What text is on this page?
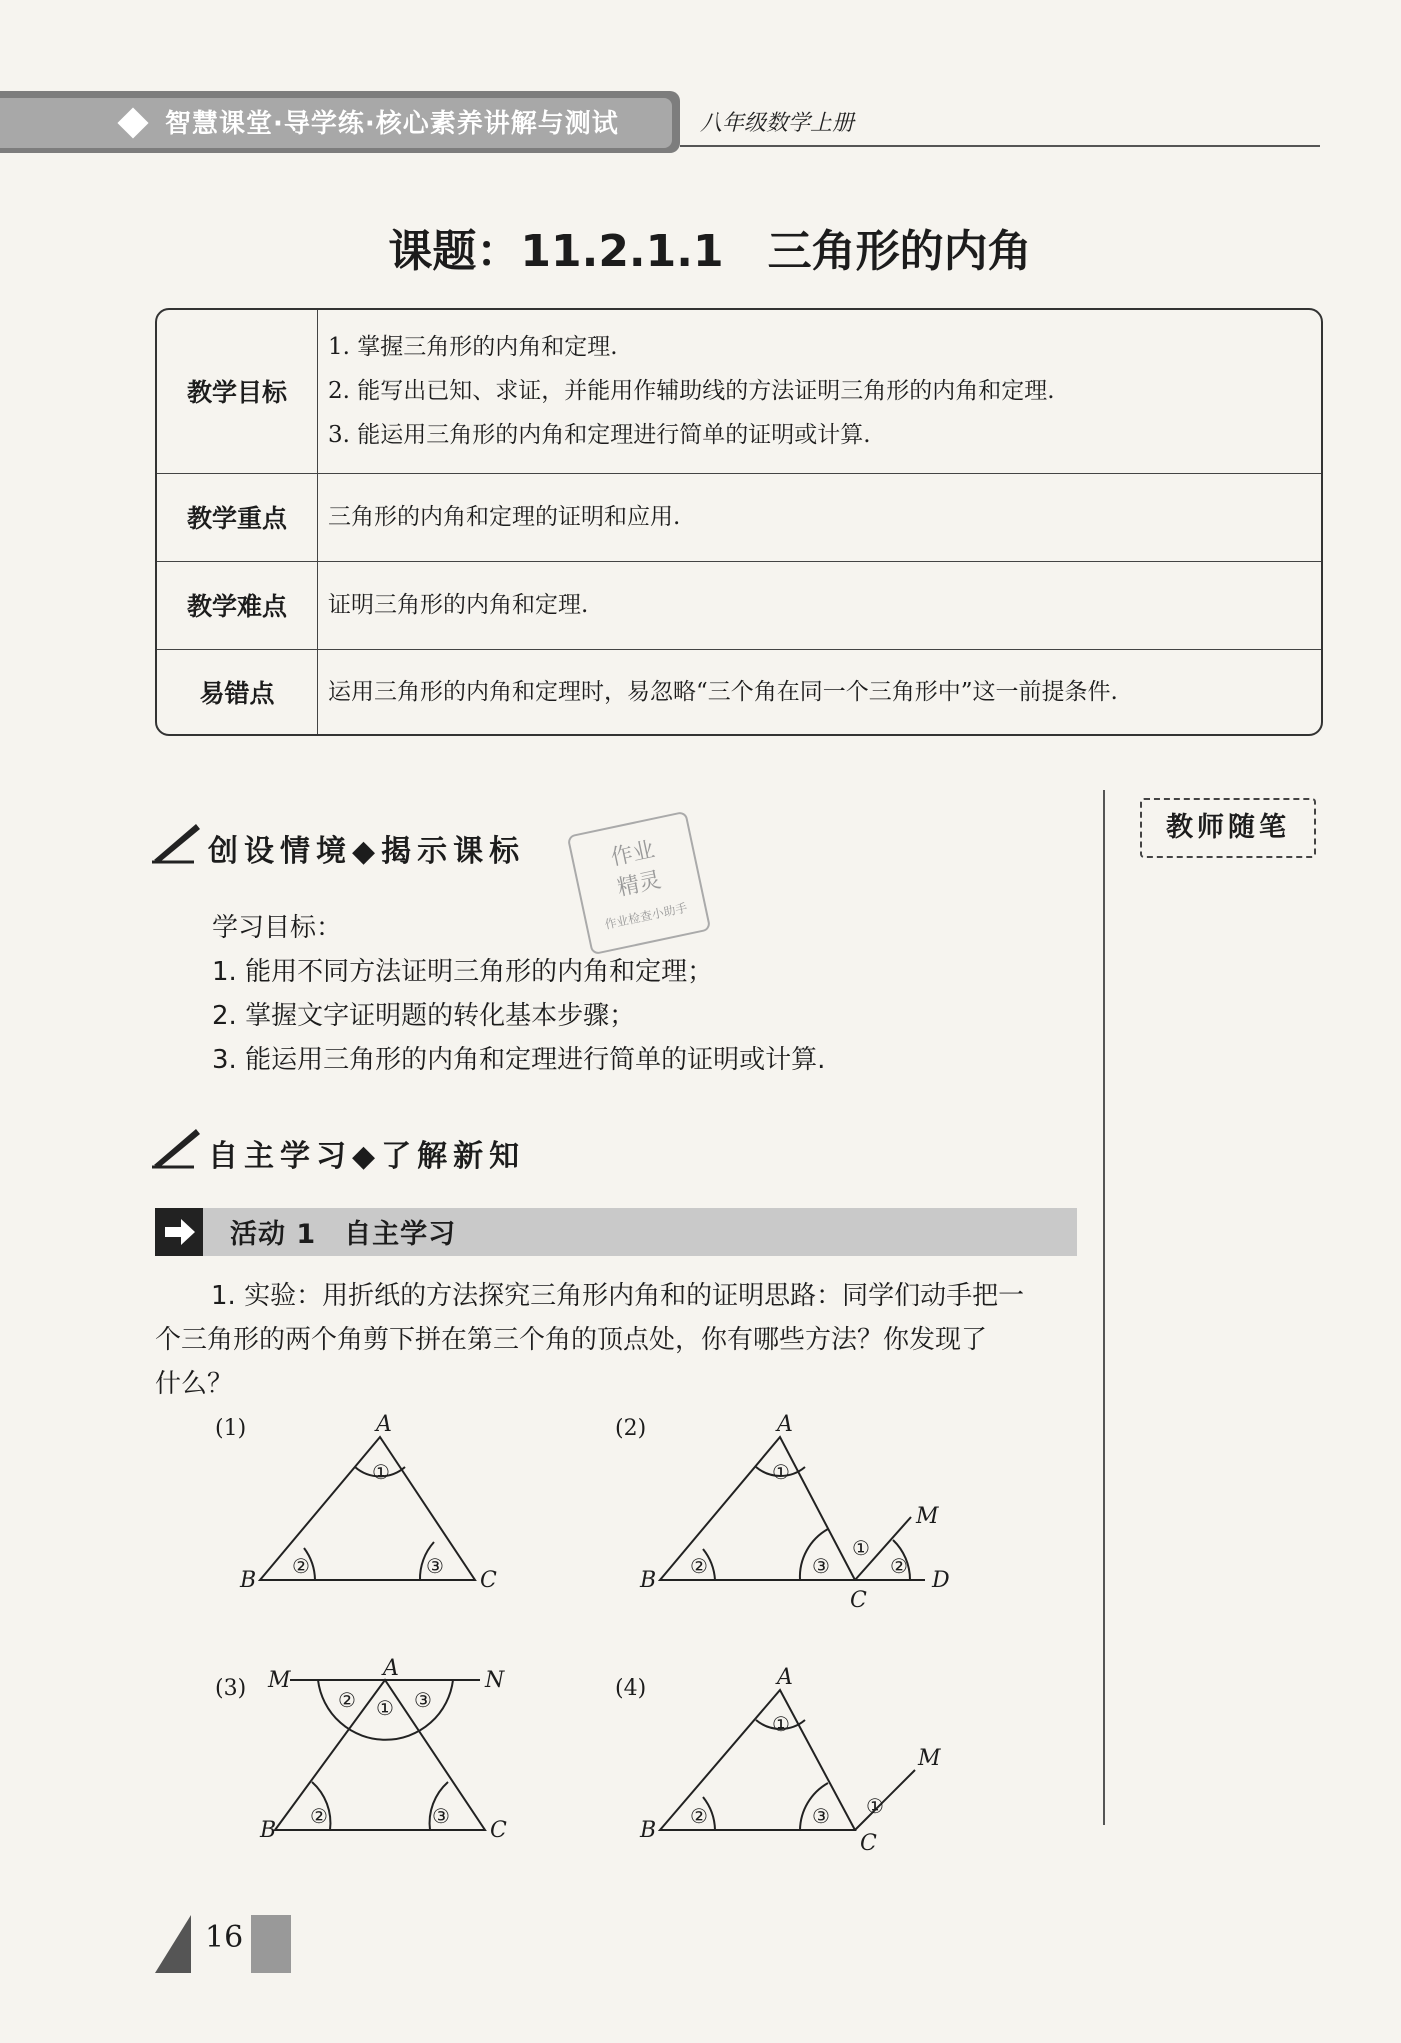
智慧课堂·导学练·核心素养讲解与测试	八年级数学上册
课题：11.2.1.1　三角形的内角
教学目标	1. 掌握三角形的内角和定理.
2. 能写出已知、求证，并能用作辅助线的方法证明三角形的内角和定理.
3. 能运用三角形的内角和定理进行简单的证明或计算.

教学重点	三角形的内角和定理的证明和应用.
教学难点	证明三角形的内角和定理.
易错点	运用三角形的内角和定理时，易忽略“三个角在同一个三角形中”这一前提条件.
创设情境◆揭示课标	作业
精灵
作业检查小助手
学习目标：
1. 能用不同方法证明三角形的内角和定理；
2. 掌握文字证明题的转化基本步骤；
3. 能运用三角形的内角和定理进行简单的证明或计算.
教师随笔
自主学习◆了解新知
活动 1　自主学习
1. 实验：用折纸的方法探究三角形内角和的证明思路：同学们动手把一
个三角形的两个角剪下拼在第三个角的顶点处，你有哪些方法？你发现了
什么？
(1)	(2)
(3)	(4)
A
B	C
①
②	③
A
B
C
D
M
①
②	③
①
②
A
M	N
B	C
①
②	③
②	③
A
B
C
M
①
②	③ ①
16
